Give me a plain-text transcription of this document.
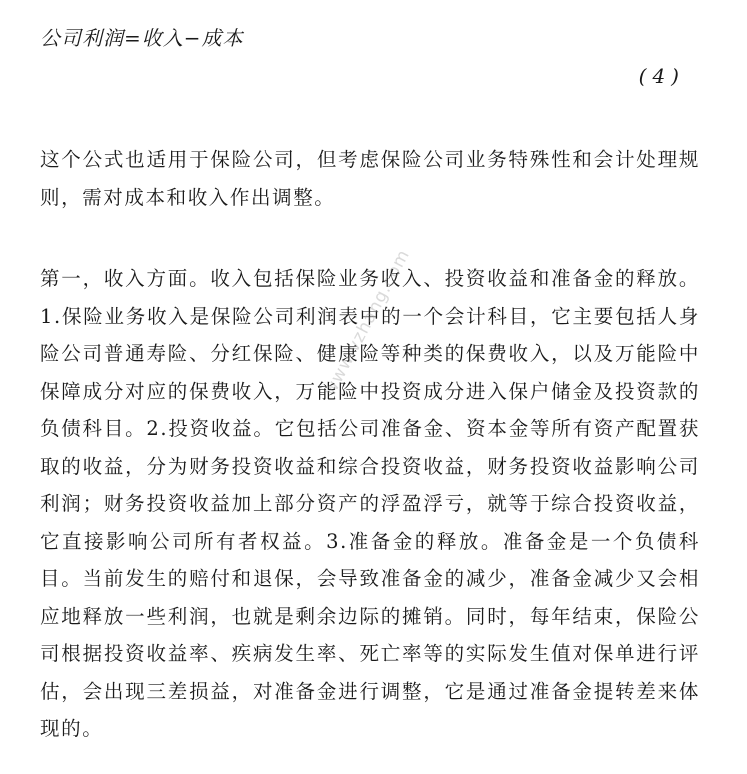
公司利润=收入−成本
(4)
这个公式也适用于保险公司，但考虑保险公司业务特殊性和会计处理规则，需对成本和收入作出调整。
第一，收入方面。收入包括保险业务收入、投资收益和准备金的释放。1.保险业务收入是保险公司利润表中的一个会计科目，它主要包括人身险公司普通寿险、分红保险、健康险等种类的保费收入，以及万能险中保障成分对应的保费收入，万能险中投资成分进入保户储金及投资款的负债科目。2.投资收益。它包括公司准备金、资本金等所有资产配置获取的收益，分为财务投资收益和综合投资收益，财务投资收益影响公司利润；财务投资收益加上部分资产的浮盈浮亏，就等于综合投资收益，它直接影响公司所有者权益。3.准备金的释放。准备金是一个负债科目。当前发生的赔付和退保，会导致准备金的减少，准备金减少又会相应地释放一些利润，也就是剩余边际的摊销。同时，每年结束，保险公司根据投资收益率、疾病发生率、死亡率等的实际发生值对保单进行评估，会出现三差损益，对准备金进行调整，它是通过准备金提转差来体现的。
www.vzhang.com
